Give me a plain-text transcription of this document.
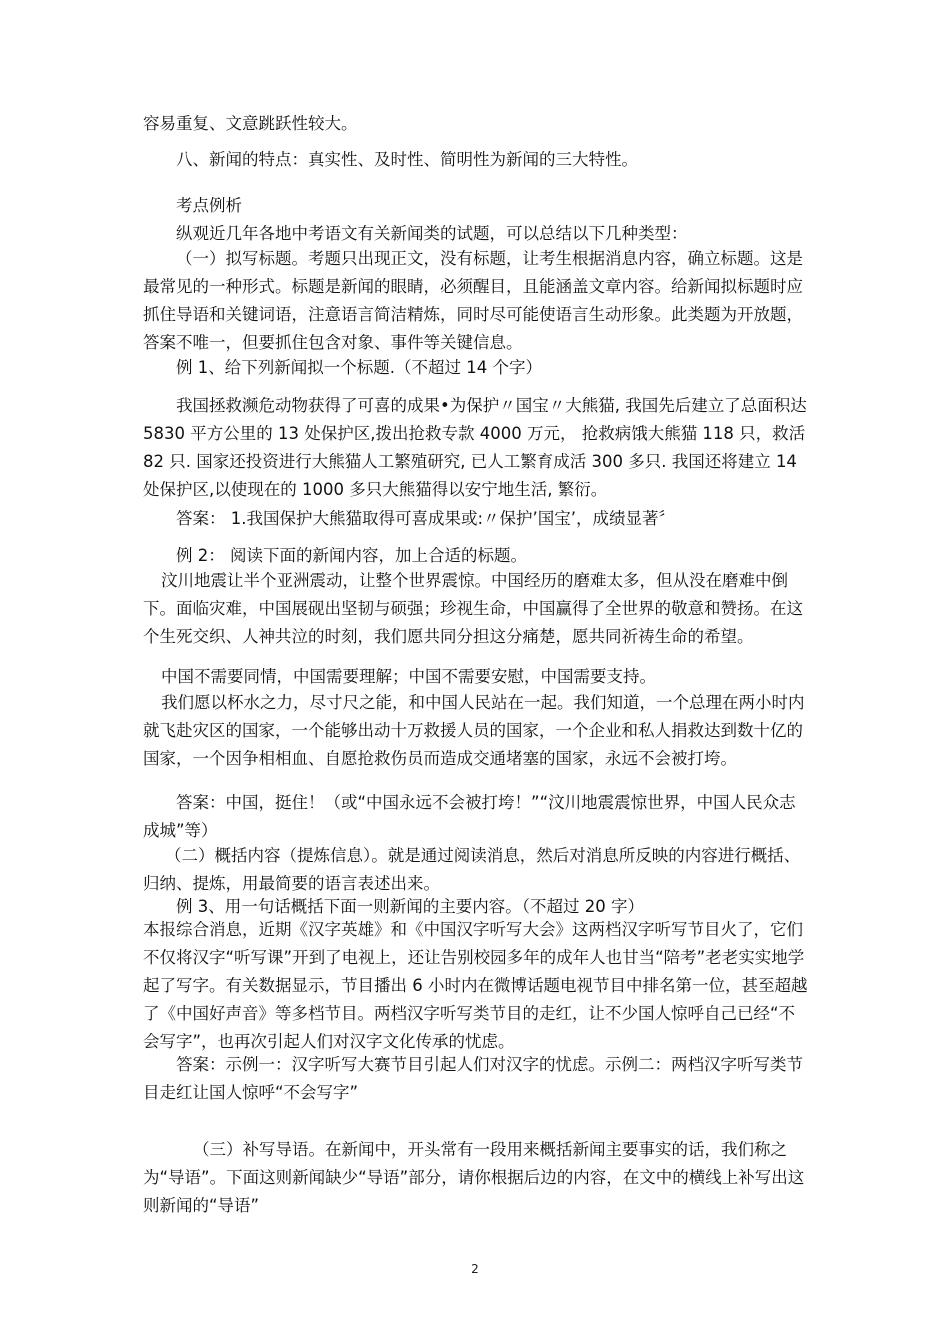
容易重复、文意跳跃性较大。

八、新闻的特点：真实性、及时性、简明性为新闻的三大特性。

考点例析

纵观近几年各地中考语文有关新闻类的试题，可以总结以下几种类型：

（一）拟写标题。考题只出现正文，没有标题，让考生根据消息内容，确立标题。这是最常见的一种形式。标题是新闻的眼睛，必须醒目，且能涵盖文章内容。给新闻拟标题时应抓住导语和关键词语，注意语言简洁精炼，同时尽可能使语言生动形象。此类题为开放题，答案不唯一，但要抓住包含对象、事件等关键信息。

例 1、给下列新闻拟一个标题.（不超过 14 个字）

我国拯救濒危动物获得了可喜的成果•为保护〃国宝〃大熊猫, 我国先后建立了总面积达 5830 平方公里的 13 处保护区,拨出抢救专款 4000 万元， 抢救病饿大熊猫 118 只，救活 82 只. 国家还投资进行大熊猫人工繁殖研究, 已人工繁育成活 300 多只. 我国还将建立 14 处保护区,以使现在的 1000 多只大熊猫得以安宁地生活, 繁衍。

答案： 1.我国保护大熊猫取得可喜成果或:〃保护’国宝’，成绩显著〞

例 2： 阅读下面的新闻内容，加上合适的标题。

汶川地震让半个亚洲震动，让整个世界震惊。中国经历的磨难太多，但从没在磨难中倒下。面临灾难，中国展砚出坚韧与硕强；珍视生命，中国赢得了全世界的敬意和赞扬。在这个生死交织、人神共泣的时刻，我们愿共同分担这分痛楚，愿共同祈祷生命的希望。

中国不需要同情，中国需要理解；中国不需要安慰，中国需要支持。

我们愿以杯水之力，尽寸尺之能，和中国人民站在一起。我们知道，一个总理在两小时内就飞赴灾区的国家，一个能够出动十万救援人员的国家，一个企业和私人捐救达到数十亿的国家，一个因争相相血、自愿抢救伤员而造成交通堵塞的国家，永远不会被打垮。

答案：中国，挺住！（或“中国永远不会被打垮！”“汶川地震震惊世界，中国人民众志成城”等）

（二）概括内容（提炼信息）。就是通过阅读消息，然后对消息所反映的内容进行概括、归纳、提炼，用最简要的语言表述出来。

例 3、用一句话概括下面一则新闻的主要内容。（不超过 20 字）

本报综合消息，近期《汉字英雄》和《中国汉字听写大会》这两档汉字听写节目火了，它们不仅将汉字“听写课”开到了电视上，还让告别校园多年的成年人也甘当“陪考”老老实实地学起了写字。有关数据显示，节目播出 6 小时内在微博话题电视节目中排名第一位，甚至超越了《中国好声音》等多档节目。两档汉字听写类节目的走红，让不少国人惊呼自己已经“不会写字”，也再次引起人们对汉字文化传承的忧虑。

答案：示例一：汉字听写大赛节目引起人们对汉字的忧虑。示例二：两档汉字听写类节目走红让国人惊呼“不会写字”

（三）补写导语。在新闻中，开头常有一段用来概括新闻主要事实的话，我们称之为“导语”。下面这则新闻缺少“导语”部分，请你根据后边的内容，在文中的横线上补写出这则新闻的“导语”

2
